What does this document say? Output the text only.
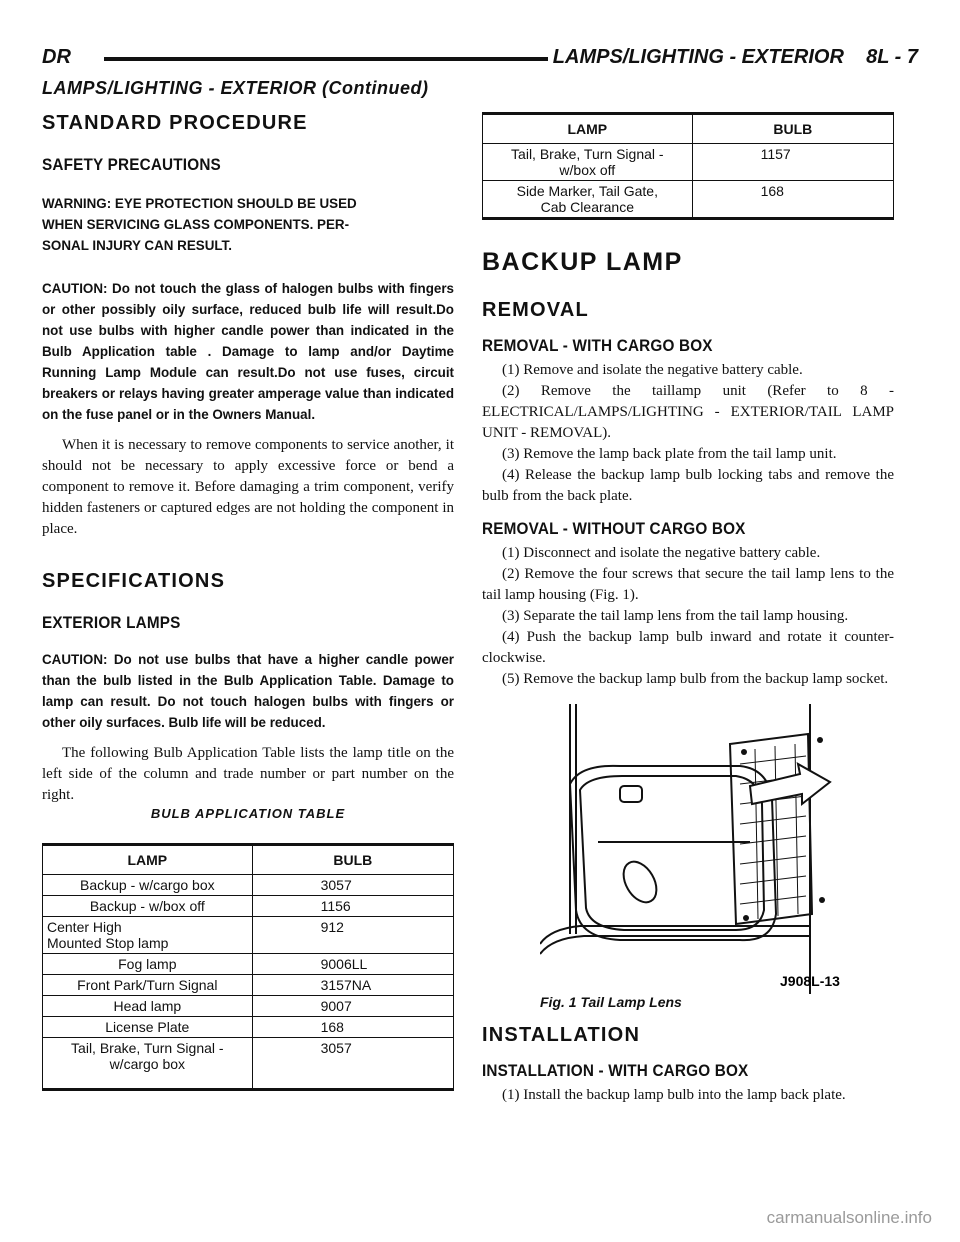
DR	LAMPS/LIGHTING - EXTERIOR    8L - 7
LAMPS/LIGHTING - EXTERIOR (Continued)
STANDARD PROCEDURE
SAFETY PRECAUTIONS

WARNING: EYE PROTECTION SHOULD BE USED
WHEN SERVICING GLASS COMPONENTS. PER-
SONAL INJURY CAN RESULT.

CAUTION: Do not touch the glass of halogen bulbs with fingers or other possibly oily surface, reduced bulb life will result.Do not use bulbs with higher candle power than indicated in the Bulb Application table . Damage to lamp and/or Daytime Running Lamp Module can result.Do not use fuses, circuit breakers or relays having greater amperage value than indicated on the fuse panel or in the Owners Manual.

When it is necessary to remove components to service another, it should not be necessary to apply excessive force or bend a component to remove it. Before damaging a trim component, verify hidden fasteners or captured edges are not holding the component in place.

SPECIFICATIONS
EXTERIOR LAMPS

CAUTION: Do not use bulbs that have a higher candle power than the bulb listed in the Bulb Application Table. Damage to lamp can result. Do not touch halogen bulbs with fingers or other oily surfaces. Bulb life will be reduced.

The following Bulb Application Table lists the lamp title on the left side of the column and trade number or part number on the right.

BULB APPLICATION TABLE
LAMP	BULB
Backup - w/cargo box	3057
Backup - w/box off	1156
Center High Mounted Stop lamp	912
Fog lamp	9006LL
Front Park/Turn Signal	3157NA
Head lamp	9007
License Plate	168
Tail, Brake, Turn Signal - w/cargo box	3057
LAMP	BULB
Tail, Brake, Turn Signal - w/box off	1157
Side Marker, Tail Gate, Cab Clearance	168
BACKUP LAMP
REMOVAL
REMOVAL - WITH CARGO BOX

(1) Remove and isolate the negative battery cable.

(2) Remove the taillamp unit (Refer to 8 - ELECTRICAL/LAMPS/LIGHTING - EXTERIOR/TAIL LAMP UNIT - REMOVAL).

(3) Remove the lamp back plate from the tail lamp unit.

(4) Release the backup lamp bulb locking tabs and remove the bulb from the back plate.

REMOVAL - WITHOUT CARGO BOX

(1) Disconnect and isolate the negative battery cable.

(2) Remove the four screws that secure the tail lamp lens to the tail lamp housing (Fig. 1).

(3) Separate the tail lamp lens from the tail lamp housing.

(4) Push the backup lamp bulb inward and rotate it counter-clockwise.

(5) Remove the backup lamp bulb from the backup lamp socket.

J908L-13
Fig. 1 Tail Lamp Lens
INSTALLATION
INSTALLATION - WITH CARGO BOX

(1) Install the backup lamp bulb into the lamp back plate.

carmanualsonline.info
